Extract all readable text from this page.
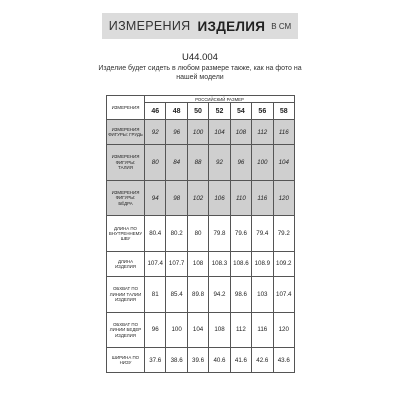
ИЗМЕРЕНИЯ ИЗДЕЛИЯ В СМ
U44.004
Изделие будет сидеть в любом размере также, как на фото на нашей модели
ИЗМЕРЕНИЯ	РОССИЙСКИЙ РАЗМЕР						
	46	48	50	52	54	56	58
ИЗМЕРЕНИЯ ФИГУРЫ: ГРУДЬ	92	96	100	104	108	112	116
ИЗМЕРЕНИЯ ФИГУРЫ: ТАЛИЯ	80	84	88	92	96	100	104
ИЗМЕРЕНИЯ ФИГУРЫ: БЁДРА	94	98	102	106	110	116	120
ДЛИНА ПО ВНУТРЕННЕМУ ШВУ	80.4	80.2	80	79.8	79.6	79.4	79.2
ДЛИНА ИЗДЕЛИЯ	107.4	107.7	108	108.3	108.6	108.9	109.2
ОБХВАТ ПО ЛИНИИ ТАЛИИ ИЗДЕЛИЯ	81	85.4	89.8	94.2	98.6	103	107.4
ОБХВАТ ПО ЛИНИИ БЕДЕР ИЗДЕЛИЯ	96	100	104	108	112	116	120
ШИРИНА ПО НИЗУ	37.6	38.6	39.6	40.6	41.6	42.6	43.6
